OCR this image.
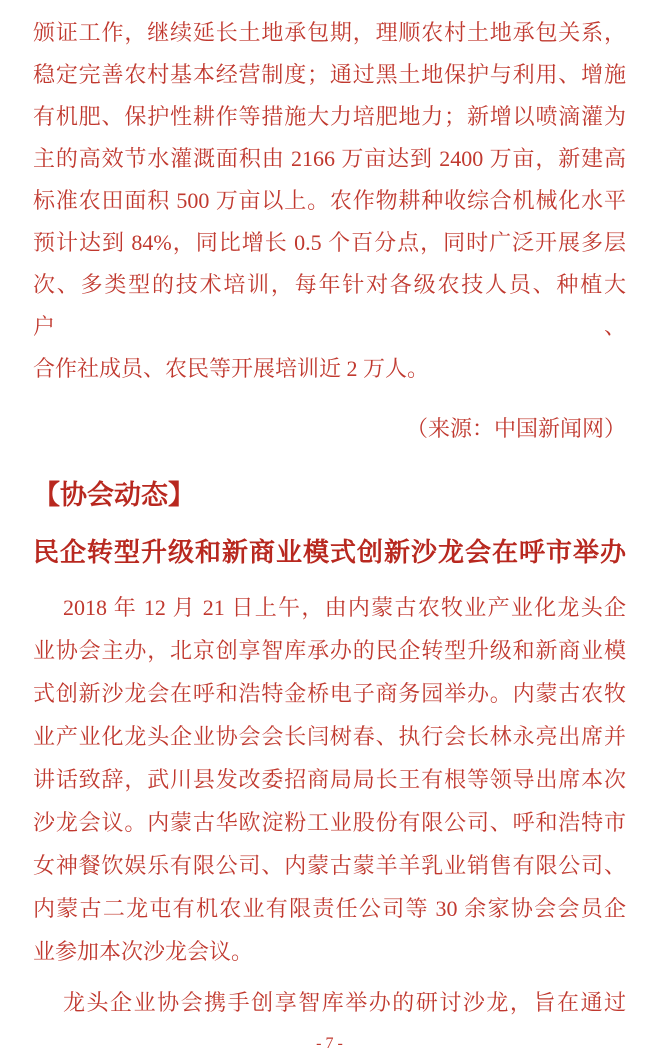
颁证工作，继续延长土地承包期，理顺农村土地承包关系，
稳定完善农村基本经营制度；通过黑土地保护与利用、增施
有机肥、保护性耕作等措施大力培肥地力；新增以喷滴灌为
主的高效节水灌溉面积由 2166 万亩达到 2400 万亩，新建高
标准农田面积 500 万亩以上。农作物耕种收综合机械化水平
预计达到 84%，同比增长 0.5 个百分点，同时广泛开展多层
次、多类型的技术培训，每年针对各级农技人员、种植大户、
合作社成员、农民等开展培训近 2 万人。
（来源：中国新闻网）
【协会动态】
民企转型升级和新商业模式创新沙龙会在呼市举办
2018 年 12 月 21 日上午，由内蒙古农牧业产业化龙头企
业协会主办，北京创享智库承办的民企转型升级和新商业模
式创新沙龙会在呼和浩特金桥电子商务园举办。内蒙古农牧
业产业化龙头企业协会会长闫树春、执行会长林永亮出席并
讲话致辞，武川县发改委招商局局长王有根等领导出席本次
沙龙会议。内蒙古华欧淀粉工业股份有限公司、呼和浩特市
女神餐饮娱乐有限公司、内蒙古蒙羊羊乳业销售有限公司、
内蒙古二龙屯有机农业有限责任公司等 30 余家协会会员企
业参加本次沙龙会议。
龙头企业协会携手创享智库举办的研讨沙龙，旨在通过
- 7 -
